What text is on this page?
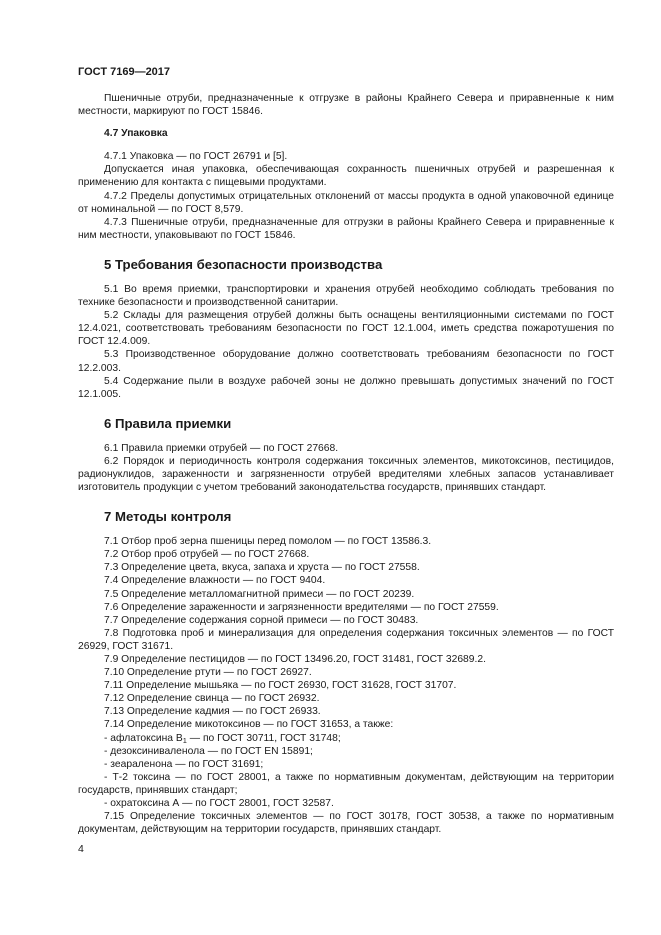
ГОСТ 7169—2017

Пшеничные отруби, предназначенные к отгрузке в районы Крайнего Севера и приравненные к ним местности, маркируют по ГОСТ 15846.

4.7 Упаковка

4.7.1 Упаковка — по ГОСТ 26791 и [5].

Допускается иная упаковка, обеспечивающая сохранность пшеничных отрубей и разрешенная к применению для контакта с пищевыми продуктами.

4.7.2 Пределы допустимых отрицательных отклонений от массы продукта в одной упаковочной единице от номинальной — по ГОСТ 8,579.

4.7.3 Пшеничные отруби, предназначенные для отгрузки в районы Крайнего Севера и приравненные к ним местности, упаковывают по ГОСТ 15846.

5 Требования безопасности производства

5.1 Во время приемки, транспортировки и хранения отрубей необходимо соблюдать требования по технике безопасности и производственной санитарии.

5.2 Склады для размещения отрубей должны быть оснащены вентиляционными системами по ГОСТ 12.4.021, соответствовать требованиям безопасности по ГОСТ 12.1.004, иметь средства пожаротушения по ГОСТ 12.4.009.

5.3 Производственное оборудование должно соответствовать требованиям безопасности по ГОСТ 12.2.003.

5.4 Содержание пыли в воздухе рабочей зоны не должно превышать допустимых значений по ГОСТ 12.1.005.

6 Правила приемки

6.1 Правила приемки отрубей — по ГОСТ 27668.

6.2 Порядок и периодичность контроля содержания токсичных элементов, микотоксинов, пестицидов, радионуклидов, зараженности и загрязненности отрубей вредителями хлебных запасов устанавливает изготовитель продукции с учетом требований законодательства государств, принявших стандарт.

7 Методы контроля

7.1 Отбор проб зерна пшеницы перед помолом — по ГОСТ 13586.3.

7.2 Отбор проб отрубей — по ГОСТ 27668.

7.3 Определение цвета, вкуса, запаха и хруста — по ГОСТ 27558.

7.4 Определение влажности — по ГОСТ 9404.

7.5 Определение металломагнитной примеси — по ГОСТ 20239.

7.6 Определение зараженности и загрязненности вредителями — по ГОСТ 27559.

7.7 Определение содержания сорной примеси — по ГОСТ 30483.

7.8 Подготовка проб и минерализация для определения содержания токсичных элементов — по ГОСТ 26929, ГОСТ 31671.

7.9 Определение пестицидов — по ГОСТ 13496.20, ГОСТ 31481, ГОСТ 32689.2.

7.10 Определение ртути — по ГОСТ 26927.

7.11 Определение мышьяка — по ГОСТ 26930, ГОСТ 31628, ГОСТ 31707.

7.12 Определение свинца — по ГОСТ 26932.

7.13 Определение кадмия — по ГОСТ 26933.

7.14 Определение микотоксинов — по ГОСТ 31653, а также:

- афлатоксина $В_1$ — по ГОСТ 30711, ГОСТ 31748;

- дезоксиниваленола — по ГОСТ EN 15891;

- зеараленона — по ГОСТ 31691;

- Т-2 токсина — по ГОСТ 28001, а также по нормативным документам, действующим на территории государств, принявших стандарт;

- охратоксина А — по ГОСТ 28001, ГОСТ 32587.

7.15 Определение токсичных элементов — по ГОСТ 30178, ГОСТ 30538, а также по нормативным документам, действующим на территории государств, принявших стандарт.

4
